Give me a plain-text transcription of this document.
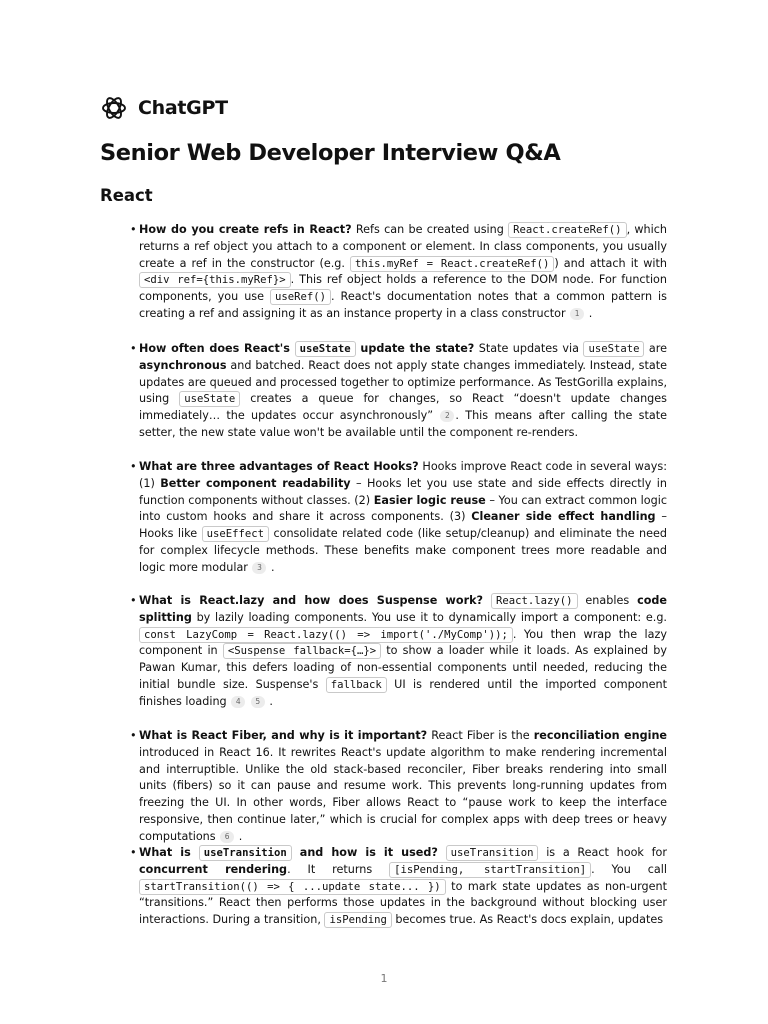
ChatGPT
Senior Web Developer Interview Q&A
React
• How do you create refs in React? Refs can be created using React.createRef() , which returns a ref object you attach to a component or element. In class components, you usually create a ref in the constructor (e.g. this.myRef = React.createRef() ) and attach it with <div ref={this.myRef}> . This ref object holds a reference to the DOM node. For function components, you use useRef() . React's documentation notes that a common pattern is creating a ref and assigning it as an instance property in a class constructor 1 .
• How often does React's useState update the state? State updates via useState are asynchronous and batched. React does not apply state changes immediately. Instead, state updates are queued and processed together to optimize performance. As TestGorilla explains, using useState creates a queue for changes, so React “doesn't update changes immediately… the updates occur asynchronously” 2 . This means after calling the state setter, the new state value won't be available until the component re-renders.
• What are three advantages of React Hooks? Hooks improve React code in several ways: (1) Better component readability – Hooks let you use state and side effects directly in function components without classes. (2) Easier logic reuse – You can extract common logic into custom hooks and share it across components. (3) Cleaner side effect handling – Hooks like useEffect consolidate related code (like setup/cleanup) and eliminate the need for complex lifecycle methods. These benefits make component trees more readable and logic more modular 3 .
• What is React.lazy and how does Suspense work? React.lazy() enables code splitting by lazily loading components. You use it to dynamically import a component: e.g. const LazyComp = React.lazy(() => import('./MyComp')); . You then wrap the lazy component in <Suspense fallback={…}> to show a loader while it loads. As explained by Pawan Kumar, this defers loading of non-essential components until needed, reducing the initial bundle size. Suspense's fallback UI is rendered until the imported component finishes loading 4 5 .
• What is React Fiber, and why is it important? React Fiber is the reconciliation engine introduced in React 16. It rewrites React's update algorithm to make rendering incremental and interruptible. Unlike the old stack-based reconciler, Fiber breaks rendering into small units (fibers) so it can pause and resume work. This prevents long-running updates from freezing the UI. In other words, Fiber allows React to “pause work to keep the interface responsive, then continue later,” which is crucial for complex apps with deep trees or heavy computations 6 .
• What is useTransition and how is it used? useTransition is a React hook for concurrent rendering. It returns [isPending, startTransition] . You call startTransition(() => { ...update state... }) to mark state updates as non-urgent “transitions.” React then performs those updates in the background without blocking user interactions. During a transition, isPending becomes true. As React's docs explain, updates
1
